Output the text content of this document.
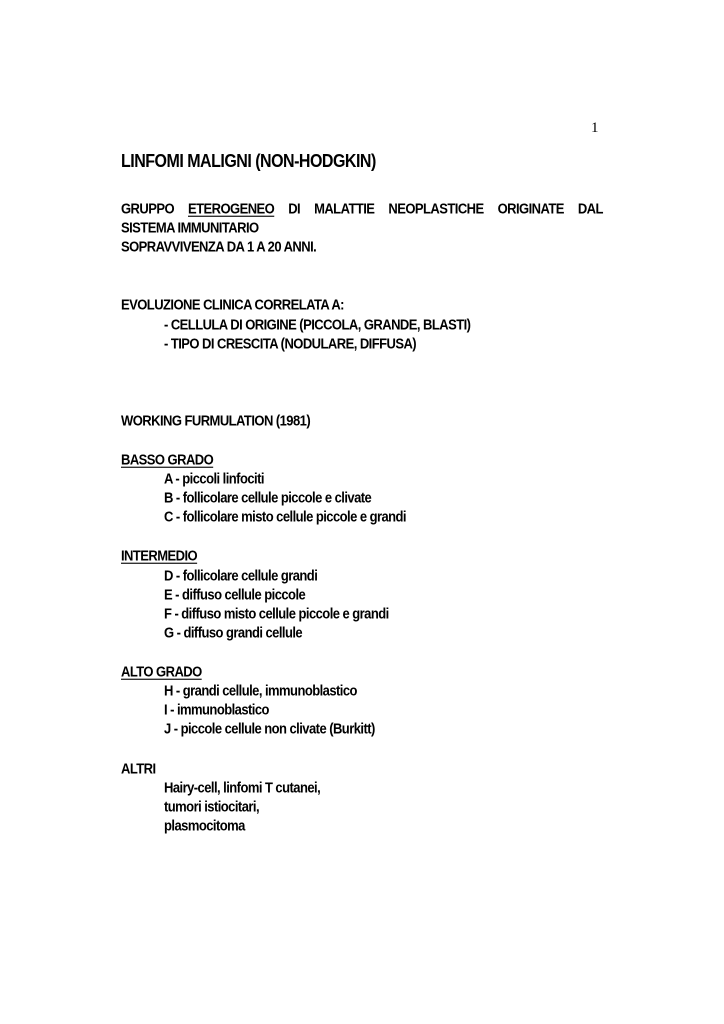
1
LINFOMI MALIGNI (NON-HODGKIN)
GRUPPO ETEROGENEO DI MALATTIE NEOPLASTICHE ORIGINATE DAL
SISTEMA IMMUNITARIO
SOPRAVVIVENZA DA 1 A 20 ANNI.
EVOLUZIONE CLINICA CORRELATA A:
- CELLULA DI ORIGINE (PICCOLA, GRANDE, BLASTI)
- TIPO DI CRESCITA (NODULARE, DIFFUSA)
WORKING FURMULATION (1981)
BASSO GRADO
A - piccoli linfociti
B - follicolare cellule piccole e clivate
C - follicolare misto cellule piccole e grandi
INTERMEDIO
D - follicolare cellule grandi
E - diffuso cellule piccole
F - diffuso misto cellule piccole e grandi
G - diffuso grandi cellule
ALTO GRADO
H - grandi cellule, immunoblastico
I - immunoblastico
J - piccole cellule non clivate (Burkitt)
ALTRI
Hairy-cell, linfomi T cutanei,
tumori istiocitari,
plasmocitoma
